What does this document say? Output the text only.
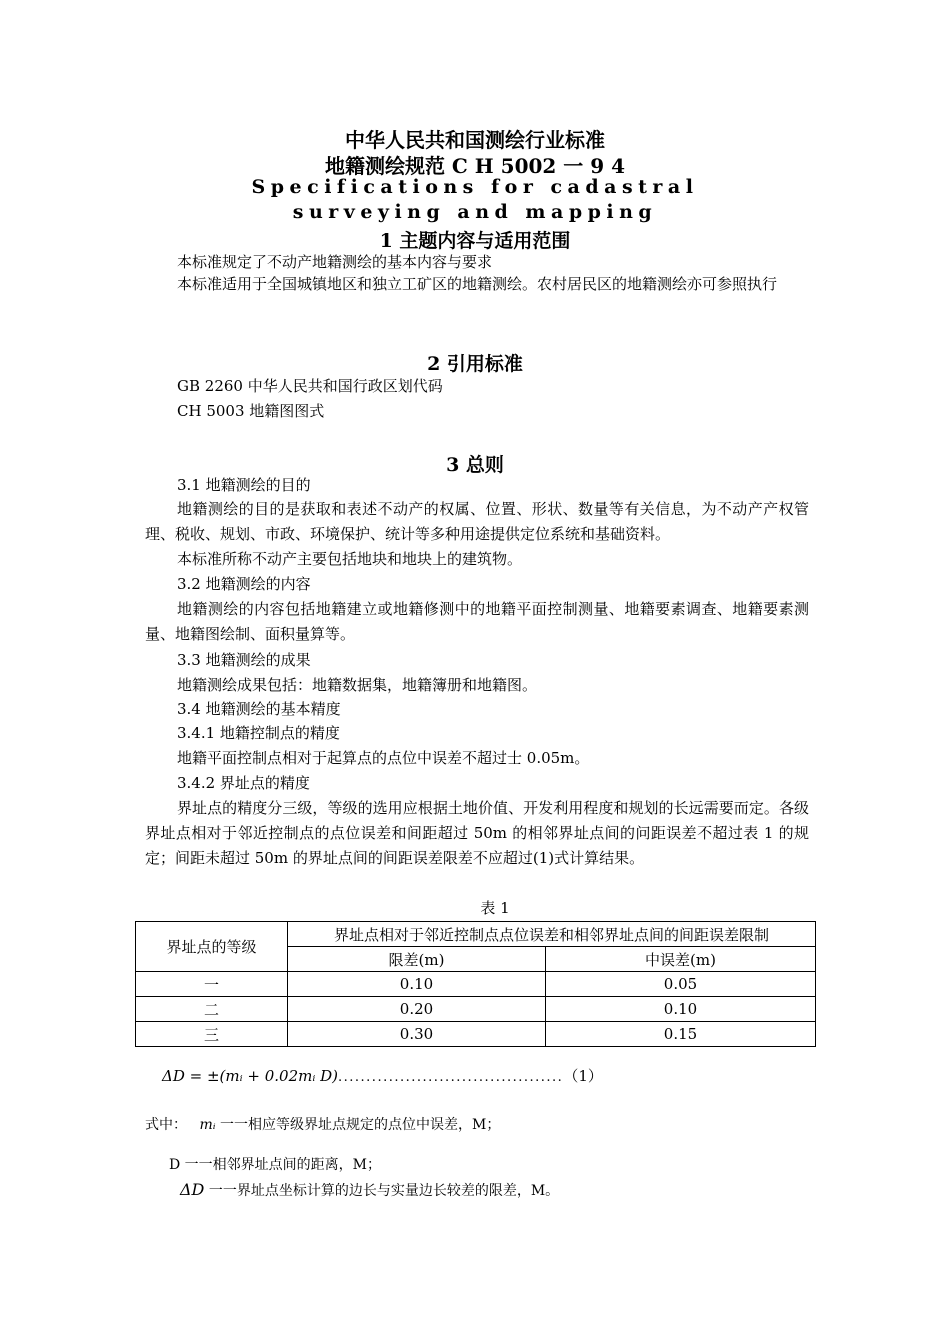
中华人民共和国测绘行业标准
地籍测绘规范 C H 5002 一 9 4
Specifications for cadastral
surveying and mapping
1 主题内容与适用范围
本标准规定了不动产地籍测绘的基本内容与要求
本标准适用于全国城镇地区和独立工矿区的地籍测绘。农村居民区的地籍测绘亦可参照执行
2 引用标准
GB 2260 中华人民共和国行政区划代码
CH 5003 地籍图图式
3 总则
3.1 地籍测绘的目的
地籍测绘的目的是获取和表述不动产的权属、位置、形状、数量等有关信息，为不动产产权管理、税收、规划、市政、环境保护、统计等多种用途提供定位系统和基础资料。
本标准所称不动产主要包括地块和地块上的建筑物。
3.2 地籍测绘的内容
地籍测绘的内容包括地籍建立或地籍修测中的地籍平面控制测量、地籍要素调查、地籍要素测量、地籍图绘制、面积量算等。
3.3 地籍测绘的成果
地籍测绘成果包括：地籍数据集，地籍簿册和地籍图。
3.4 地籍测绘的基本精度
3.4.1 地籍控制点的精度
地籍平面控制点相对于起算点的点位中误差不超过士 0.05m。
3.4.2 界址点的精度
界址点的精度分三级，等级的选用应根据土地价值、开发利用程度和规划的长远需要而定。各级界址点相对于邻近控制点的点位误差和间距超过 50m 的相邻界址点间的问距误差不超过表 1 的规定；间距未超过 50m 的界址点间的间距误差限差不应超过(1)式计算结果。
表 1
界址点的等级	界址点相对于邻近控制点点位误差和相邻界址点间的间距误差限制	
	限差(m)	中误差(m)
一	0.10	0.05
二	0.20	0.10
三	0.30	0.15
ΔD = ±(mᵢ + 0.02mᵢ D)........................................（1）
式中： mᵢ 一一相应等级界址点规定的点位中误差，M；
D 一一相邻界址点间的距离，M；
ΔD 一一界址点坐标计算的边长与实量边长较差的限差，M。
